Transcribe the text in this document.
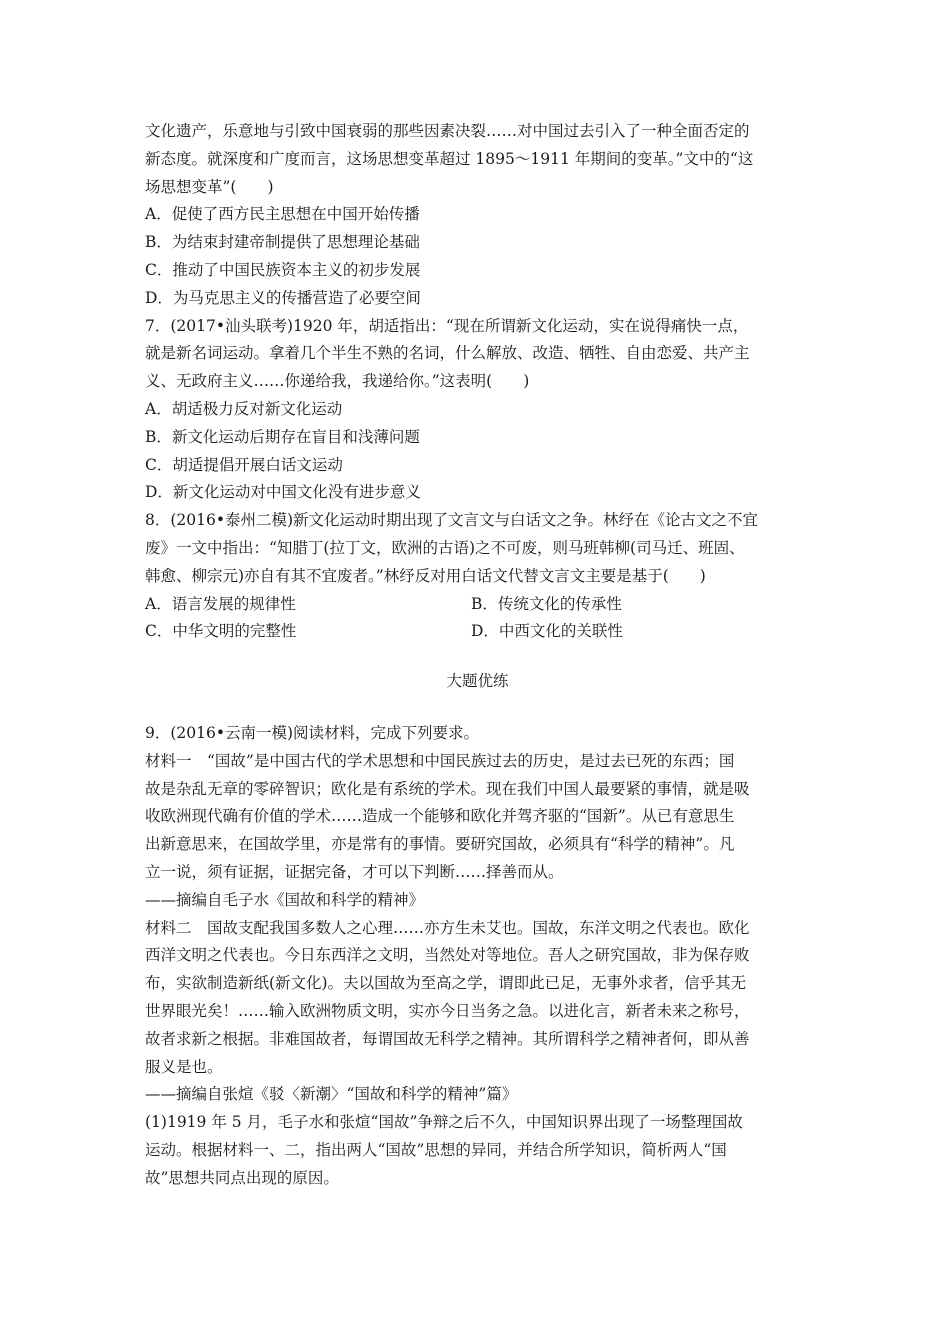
文化遗产，乐意地与引致中国衰弱的那些因素决裂……对中国过去引入了一种全面否定的
新态度。就深度和广度而言，这场思想变革超过 1895～1911 年期间的变革。”文中的“这
场思想变革”(　　)
A．促使了西方民主思想在中国开始传播
B．为结束封建帝制提供了思想理论基础
C．推动了中国民族资本主义的初步发展
D．为马克思主义的传播营造了必要空间
7．(2017•汕头联考)1920 年，胡适指出：“现在所谓新文化运动，实在说得痛快一点，
就是新名词运动。拿着几个半生不熟的名词，什么解放、改造、牺牲、自由恋爱、共产主
义、无政府主义……你递给我，我递给你。”这表明(　　)
A．胡适极力反对新文化运动
B．新文化运动后期存在盲目和浅薄问题
C．胡适提倡开展白话文运动
D．新文化运动对中国文化没有进步意义
8．(2016•泰州二模)新文化运动时期出现了文言文与白话文之争。林纾在《论古文之不宜
废》一文中指出：“知腊丁(拉丁文，欧洲的古语)之不可废，则马班韩柳(司马迁、班固、
韩愈、柳宗元)亦自有其不宜废者。”林纾反对用白话文代替文言文主要是基于(　　)
A．语言发展的规律性	B．传统文化的传承性
C．中华文明的完整性	D．中西文化的关联性
大题优练
9．(2016•云南一模)阅读材料，完成下列要求。
材料一　“国故”是中国古代的学术思想和中国民族过去的历史，是过去已死的东西；国
故是杂乱无章的零碎智识；欧化是有系统的学术。现在我们中国人最要紧的事情，就是吸
收欧洲现代确有价值的学术……造成一个能够和欧化并驾齐驱的“国新”。从已有意思生
出新意思来，在国故学里，亦是常有的事情。要研究国故，必须具有“科学的精神”。凡
立一说，须有证据，证据完备，才可以下判断……择善而从。
——摘编自毛子水《国故和科学的精神》
材料二　国故支配我国多数人之心理……亦方生未艾也。国故，东洋文明之代表也。欧化
西洋文明之代表也。今日东西洋之文明，当然处对等地位。吾人之研究国故，非为保存败
布，实欲制造新纸(新文化)。夫以国故为至高之学，谓即此已足，无事外求者，信乎其无
世界眼光矣！……输入欧洲物质文明，实亦今日当务之急。以进化言，新者未来之称号，
故者求新之根据。非难国故者，每谓国故无科学之精神。其所谓科学之精神者何，即从善
服义是也。
——摘编自张煊《驳〈新潮〉“国故和科学的精神”篇》
(1)1919 年 5 月，毛子水和张煊“国故”争辩之后不久，中国知识界出现了一场整理国故
运动。根据材料一、二，指出两人“国故”思想的异同，并结合所学知识，简析两人“国
故”思想共同点出现的原因。
